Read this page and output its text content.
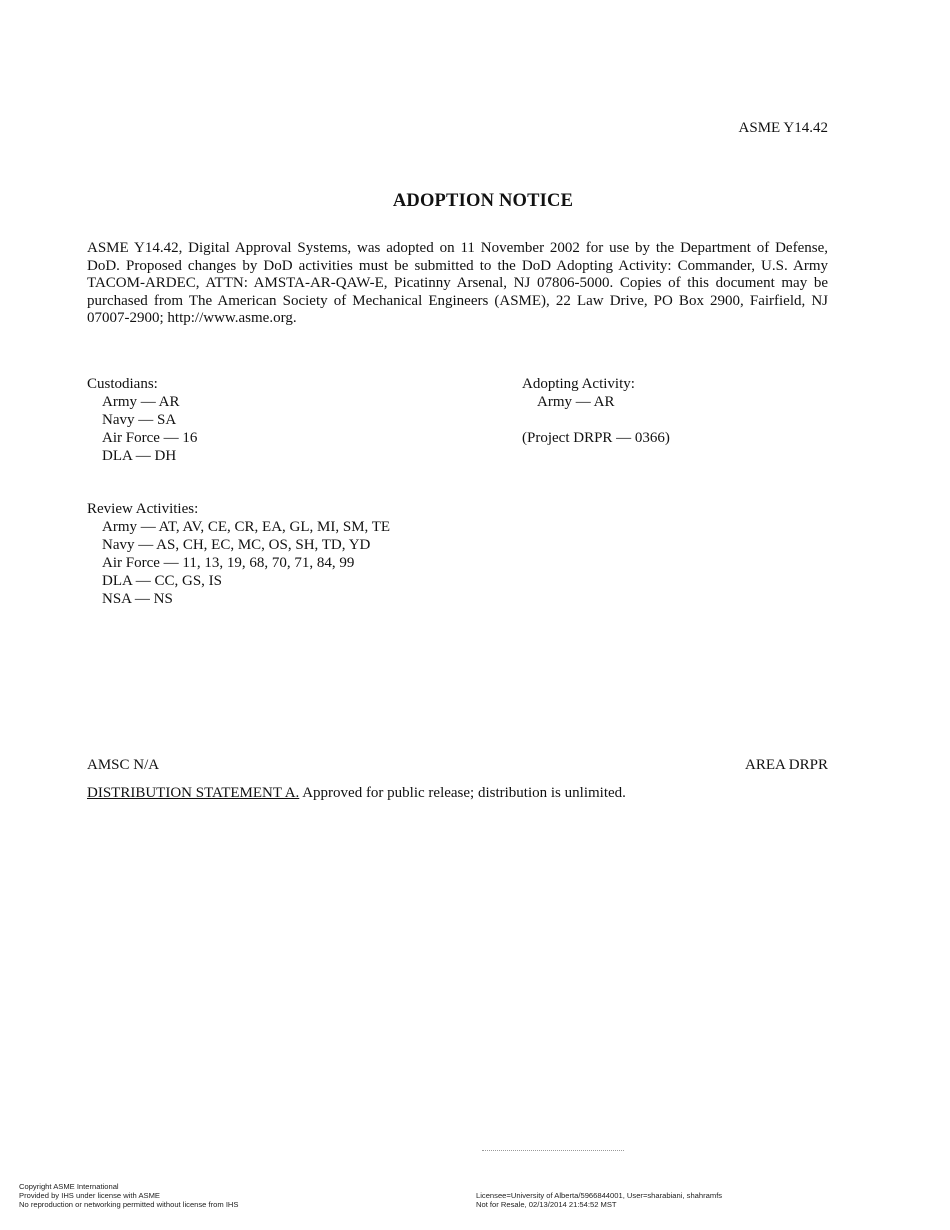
ASME Y14.42
ADOPTION NOTICE

ASME Y14.42, Digital Approval Systems, was adopted on 11 November 2002 for use by the Department of Defense, DoD. Proposed changes by DoD activities must be submitted to the DoD Adopting Activity: Commander, U.S. Army TACOM-ARDEC, ATTN: AMSTA-AR-QAW-E, Picatinny Arsenal, NJ 07806-5000. Copies of this document may be purchased from The American Society of Mechanical Engineers (ASME), 22 Law Drive, PO Box 2900, Fairfield, NJ 07007-2900; http://www.asme.org.

Custodians:
Army — AR
Navy — SA
Air Force — 16
DLA — DH
Adopting Activity:
Army — AR
(Project DRPR — 0366)
Review Activities:
Army — AT, AV, CE, CR, EA, GL, MI, SM, TE
Navy — AS, CH, EC, MC, OS, SH, TD, YD
Air Force — 11, 13, 19, 68, 70, 71, 84, 99
DLA — CC, GS, IS
NSA — NS
AMSC N/A	AREA DRPR
DISTRIBUTION STATEMENT A. Approved for public release; distribution is unlimited.
Copyright ASME International
Provided by IHS under license with ASME
No reproduction or networking permitted without license from IHS
Licensee=University of Alberta/5966844001, User=sharabiani, shahramfs
Not for Resale, 02/13/2014 21:54:52 MST
